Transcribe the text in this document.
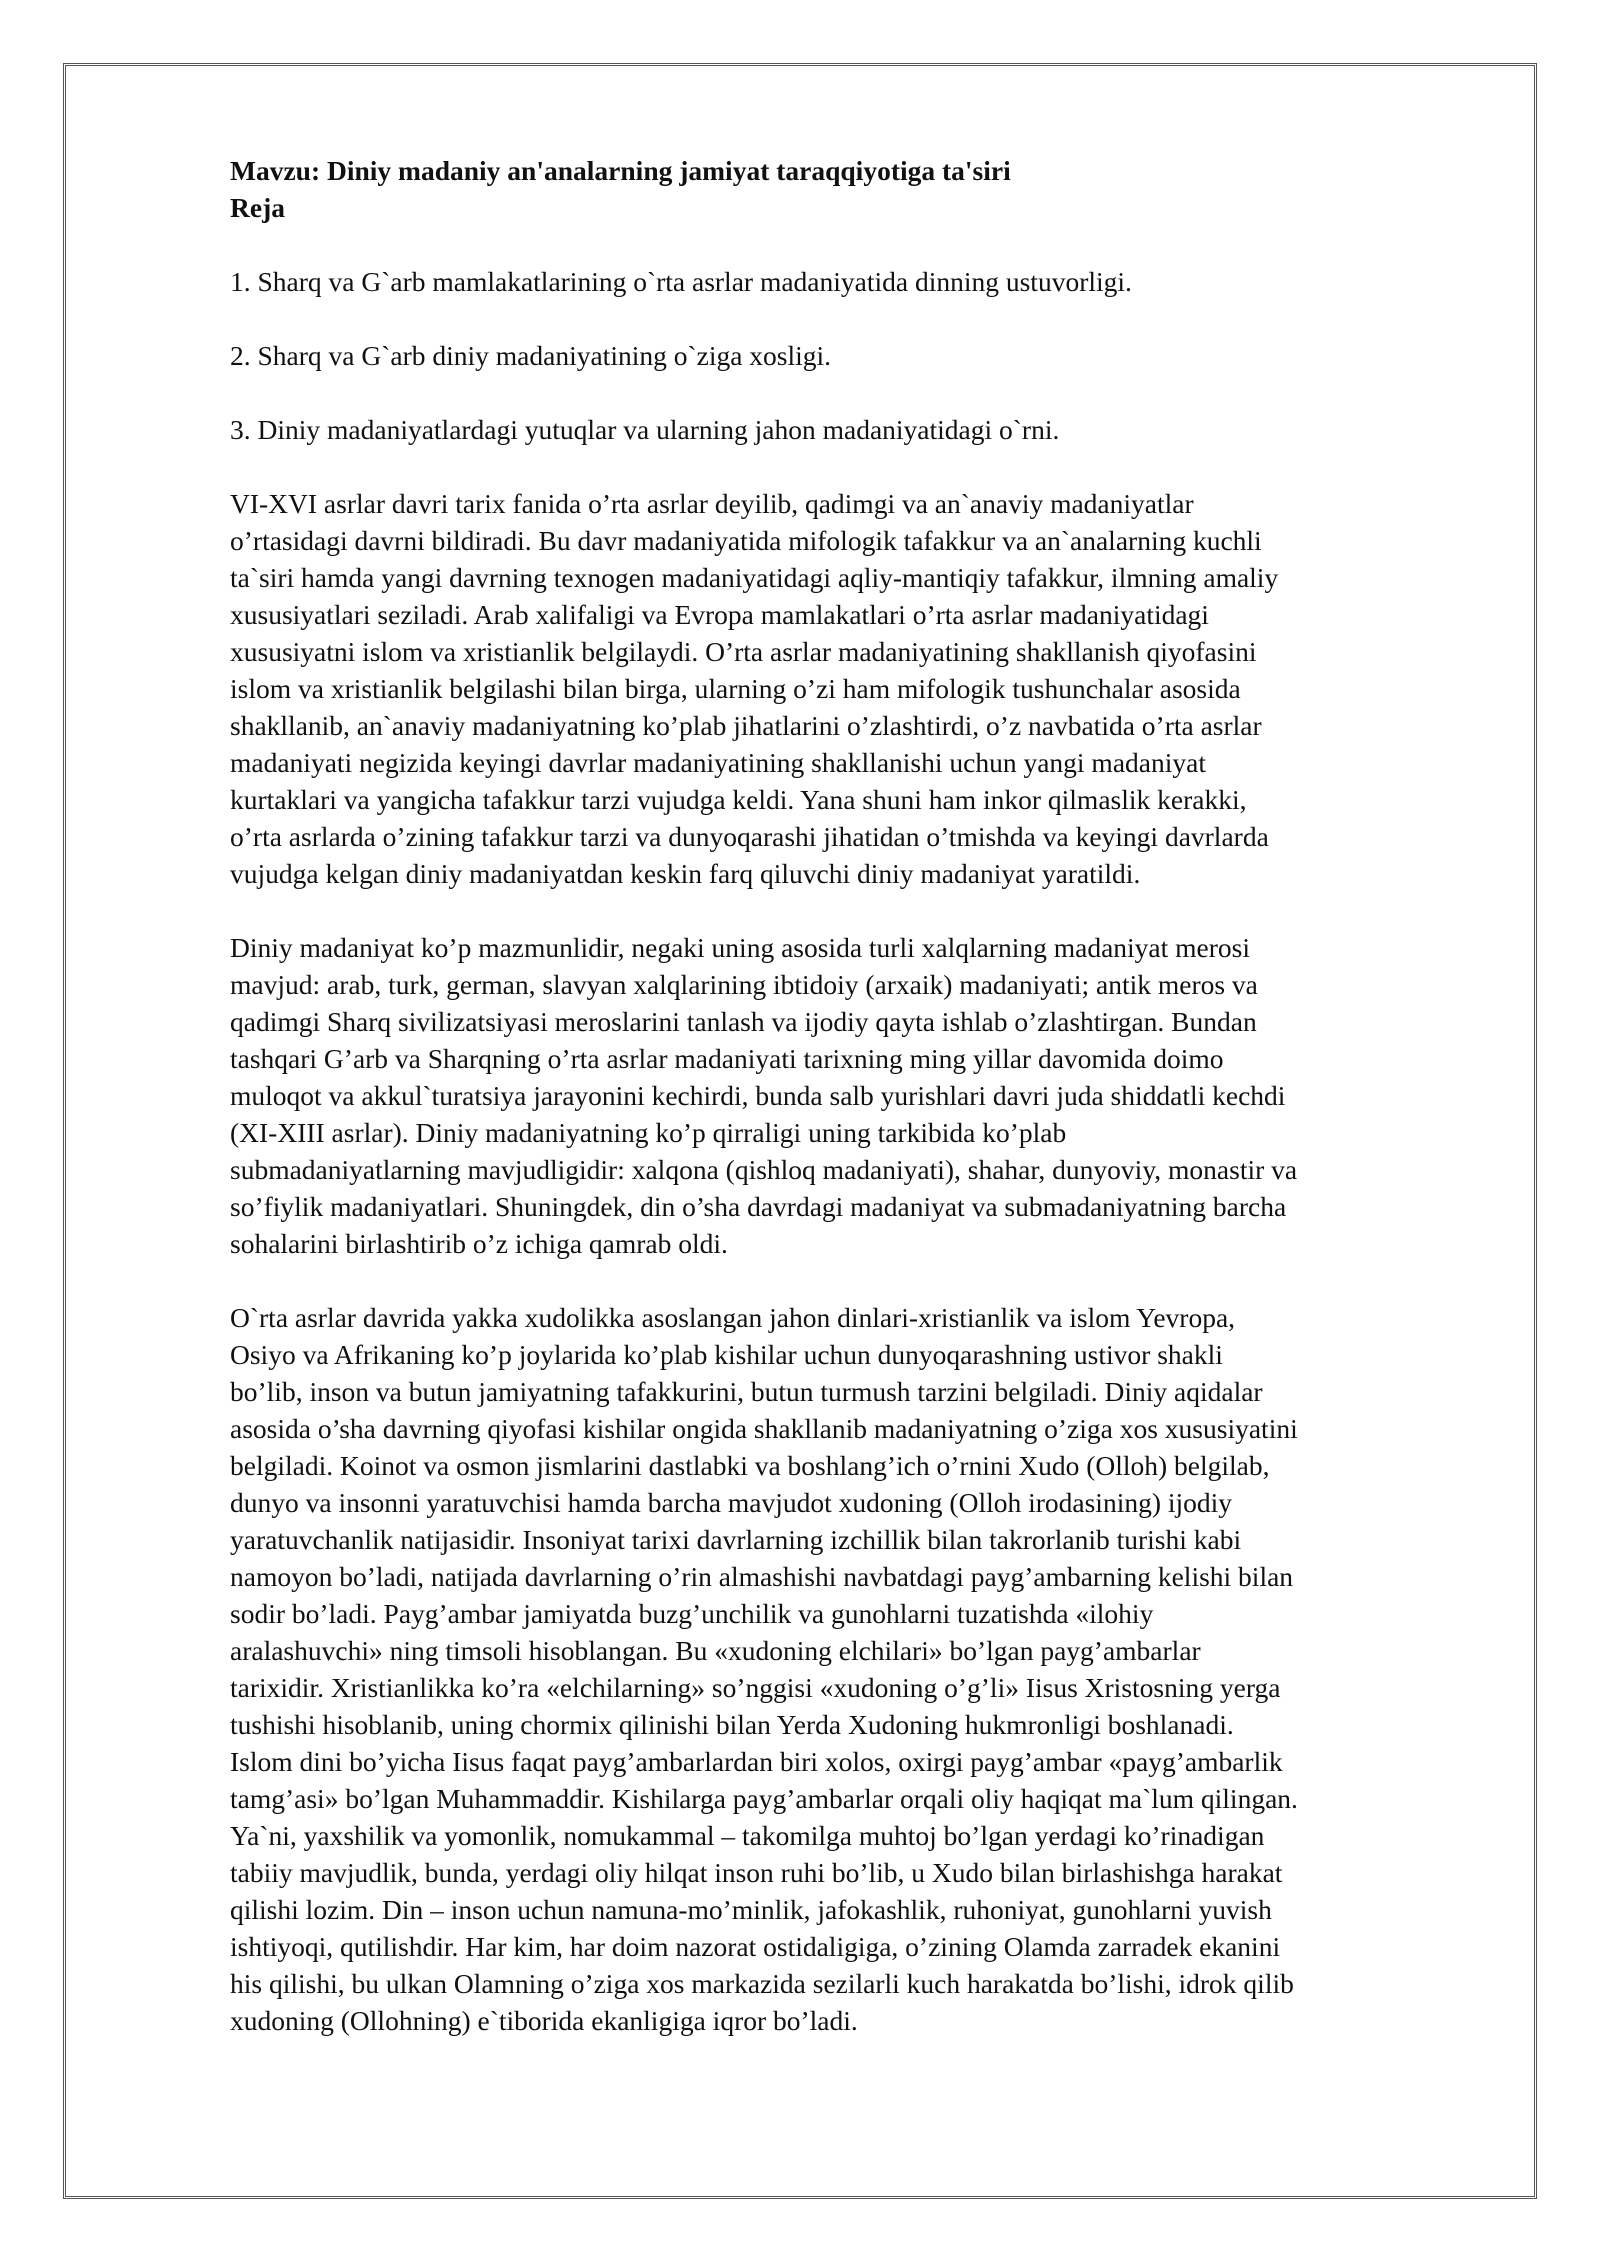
Mavzu: Diniy madaniy an'analarning jamiyat taraqqiyotiga ta'siri

Reja

1. Sharq va G`arb mamlakatlarining o`rta asrlar madaniyatida dinning ustuvorligi.

2. Sharq va G`arb diniy madaniyatining o`ziga xosligi.

3. Diniy madaniyatlardagi yutuqlar va ularning jahon madaniyatidagi o`rni.

VI-XVI asrlar davri tarix fanida o’rta asrlar deyilib, qadimgi va an`anaviy madaniyatlar
o’rtasidagi davrni bildiradi. Bu davr madaniyatida mifologik tafakkur va an`analarning kuchli
ta`siri hamda yangi davrning texnogen madaniyatidagi aqliy-mantiqiy tafakkur, ilmning amaliy
xususiyatlari seziladi. Arab xalifaligi va Evropa mamlakatlari o’rta asrlar madaniyatidagi
xususiyatni islom va xristianlik belgilaydi. O’rta asrlar madaniyatining shakllanish qiyofasini
islom va xristianlik belgilashi bilan birga, ularning o’zi ham mifologik tushunchalar asosida
shakllanib, an`anaviy madaniyatning ko’plab jihatlarini o’zlashtirdi, o’z navbatida o’rta asrlar
madaniyati negizida keyingi davrlar madaniyatining shakllanishi uchun yangi madaniyat
kurtaklari va yangicha tafakkur tarzi vujudga keldi. Yana shuni ham inkor qilmaslik kerakki,
o’rta asrlarda o’zining tafakkur tarzi va dunyoqarashi jihatidan o’tmishda va keyingi davrlarda
vujudga kelgan diniy madaniyatdan keskin farq qiluvchi diniy madaniyat yaratildi.

Diniy madaniyat ko’p mazmunlidir, negaki uning asosida turli xalqlarning madaniyat merosi
mavjud: arab, turk, german, slavyan xalqlarining ibtidoiy (arxaik) madaniyati; antik meros va
qadimgi Sharq sivilizatsiyasi meroslarini tanlash va ijodiy qayta ishlab o’zlashtirgan. Bundan
tashqari G’arb va Sharqning o’rta asrlar madaniyati tarixning ming yillar davomida doimo
muloqot va akkul`turatsiya jarayonini kechirdi, bunda salb yurishlari davri juda shiddatli kechdi
(XI-XIII asrlar). Diniy madaniyatning ko’p qirraligi uning tarkibida ko’plab
submadaniyatlarning mavjudligidir: xalqona (qishloq madaniyati), shahar, dunyoviy, monastir va
so’fiylik madaniyatlari. Shuningdek, din o’sha davrdagi madaniyat va submadaniyatning barcha
sohalarini birlashtirib o’z ichiga qamrab oldi.

O`rta asrlar davrida yakka xudolikka asoslangan jahon dinlari-xristianlik va islom Yevropa,
Osiyo va Afrikaning ko’p joylarida ko’plab kishilar uchun dunyoqarashning ustivor shakli
bo’lib, inson va butun jamiyatning tafakkurini, butun turmush tarzini belgiladi. Diniy aqidalar
asosida o’sha davrning qiyofasi kishilar ongida shakllanib madaniyatning o’ziga xos xususiyatini
belgiladi. Koinot va osmon jismlarini dastlabki va boshlang’ich o’rnini Xudo (Olloh) belgilab,
dunyo va insonni yaratuvchisi hamda barcha mavjudot xudoning (Olloh irodasining) ijodiy
yaratuvchanlik natijasidir. Insoniyat tarixi davrlarning izchillik bilan takrorlanib turishi kabi
namoyon bo’ladi, natijada davrlarning o’rin almashishi navbatdagi payg’ambarning kelishi bilan
sodir bo’ladi. Payg’ambar jamiyatda buzg’unchilik va gunohlarni tuzatishda «ilohiy
aralashuvchi» ning timsoli hisoblangan. Bu «xudoning elchilari» bo’lgan payg’ambarlar
tarixidir. Xristianlikka ko’ra «elchilarning» so’nggisi «xudoning o’g’li» Iisus Xristosning yerga
tushishi hisoblanib, uning chormix qilinishi bilan Yerda Xudoning hukmronligi boshlanadi.
Islom dini bo’yicha Iisus faqat payg’ambarlardan biri xolos, oxirgi payg’ambar «payg’ambarlik
tamg’asi» bo’lgan Muhammaddir. Kishilarga payg’ambarlar orqali oliy haqiqat ma`lum qilingan.
Ya`ni, yaxshilik va yomonlik, nomukammal – takomilga muhtoj bo’lgan yerdagi ko’rinadigan
tabiiy mavjudlik, bunda, yerdagi oliy hilqat inson ruhi bo’lib, u Xudo bilan birlashishga harakat
qilishi lozim. Din – inson uchun namuna-mo’minlik, jafokashlik, ruhoniyat, gunohlarni yuvish
ishtiyoqi, qutilishdir. Har kim, har doim nazorat ostidaligiga, o’zining Olamda zarradek ekanini
his qilishi, bu ulkan Olamning o’ziga xos markazida sezilarli kuch harakatda bo’lishi, idrok qilib
xudoning (Ollohning) e`tiborida ekanligiga iqror bo’ladi.
